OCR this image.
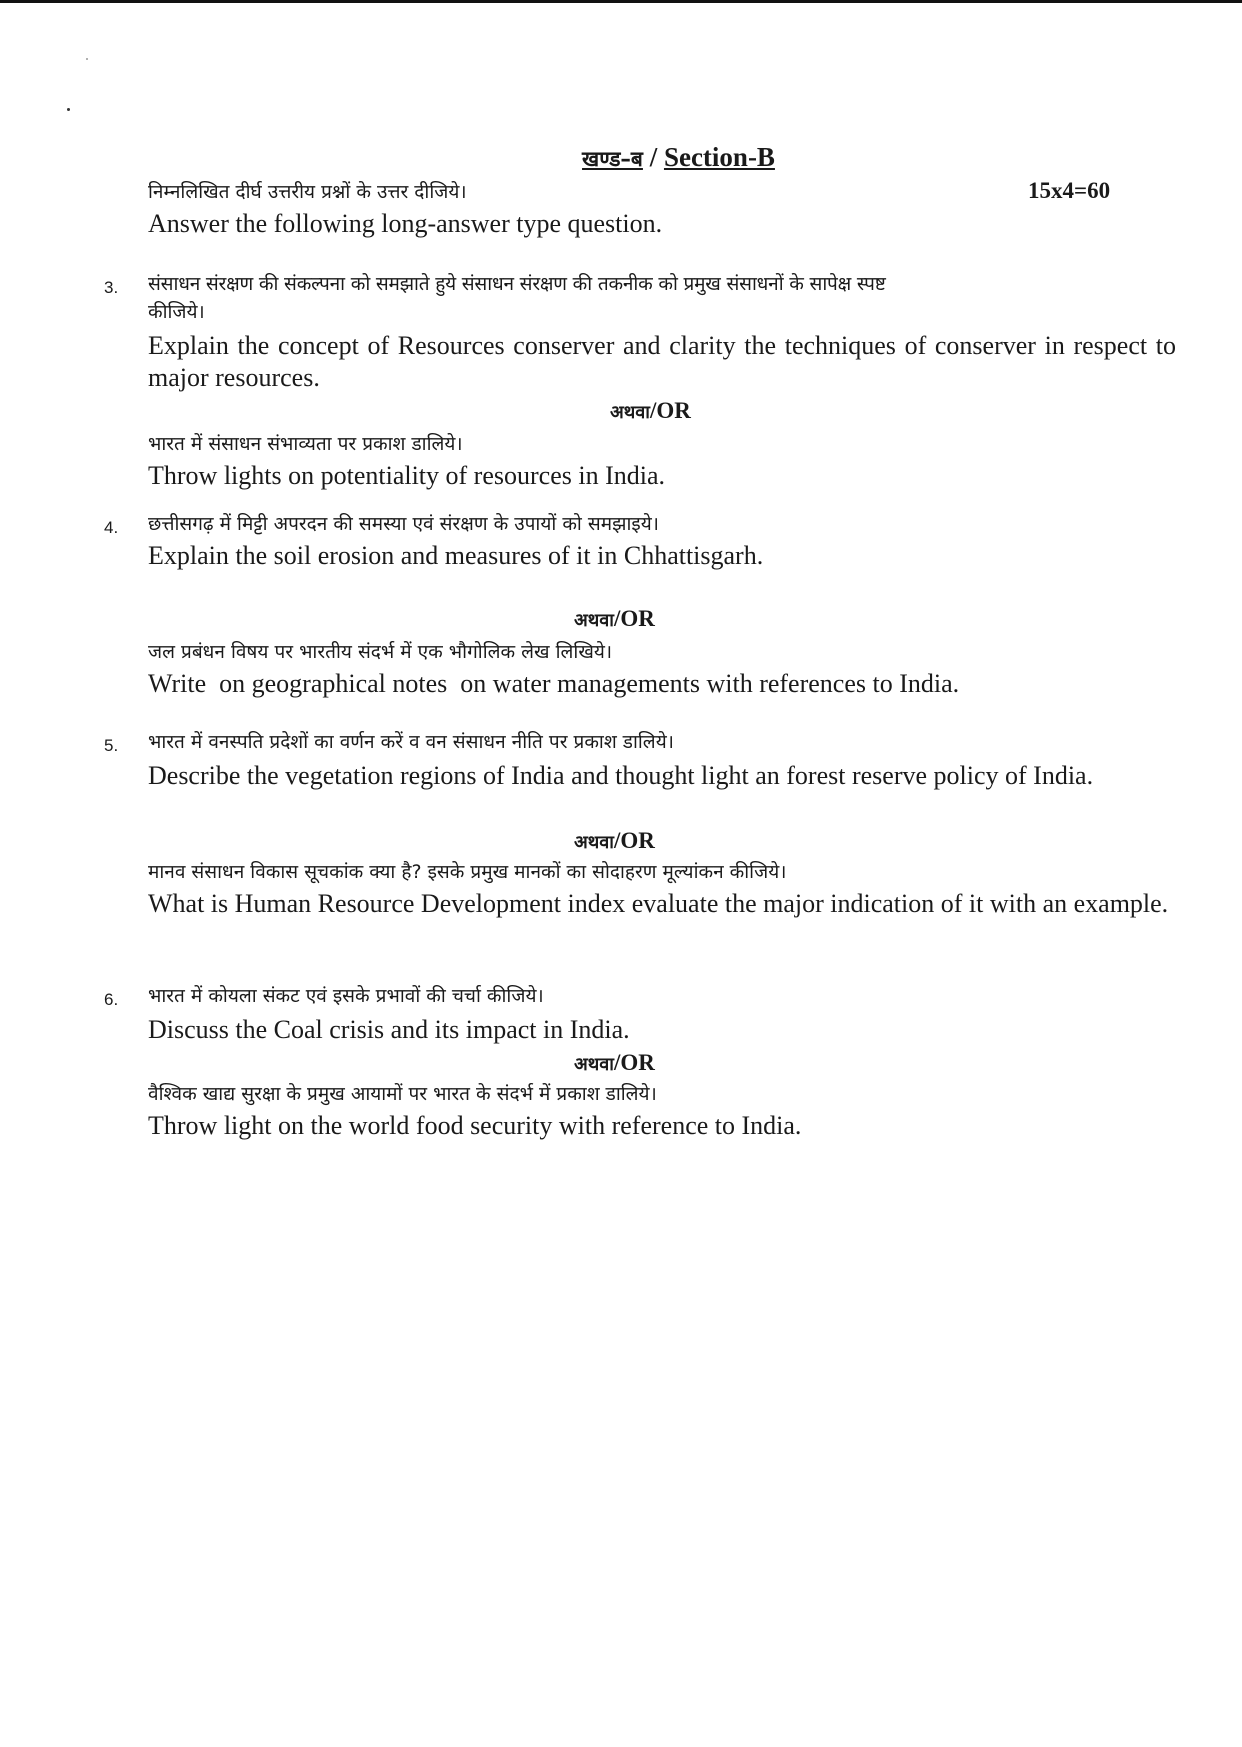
खण्ड–ब / Section-B
निम्नलिखित दीर्घ उत्तरीय प्रश्नों के उत्तर दीजिये।	15x4=60
Answer the following long-answer type question.
3. संसाधन संरक्षण की संकल्पना को समझाते हुये संसाधन संरक्षण की तकनीक को प्रमुख संसाधनों के सापेक्ष स्पष्ट
कीजिये।
Explain the concept of Resources conserver and clarity the techniques of conserver in respect to major resources.
अथवा/OR
भारत में संसाधन संभाव्यता पर प्रकाश डालिये।
Throw lights on potentiality of resources in India.
4. छत्तीसगढ़ में मिट्टी अपरदन की समस्या एवं संरक्षण के उपायों को समझाइये।
Explain the soil erosion and measures of it in Chhattisgarh.
अथवा/OR
जल प्रबंधन विषय पर भारतीय संदर्भ में एक भौगोलिक लेख लिखिये।
Write  on geographical notes  on water managements with references to India.
5. भारत में वनस्पति प्रदेशों का वर्णन करें व वन संसाधन नीति पर प्रकाश डालिये।
Describe the vegetation regions of India and thought light an forest reserve policy of India.
अथवा/OR
मानव संसाधन विकास सूचकांक क्या है? इसके प्रमुख मानकों का सोदाहरण मूल्यांकन कीजिये।
What is Human Resource Development index evaluate the major indication of it with an example.
6. भारत में कोयला संकट एवं इसके प्रभावों की चर्चा कीजिये।
Discuss the Coal crisis and its impact in India.
अथवा/OR
वैश्विक खाद्य सुरक्षा के प्रमुख आयामों पर भारत के संदर्भ में प्रकाश डालिये।
Throw light on the world food security with reference to India.
